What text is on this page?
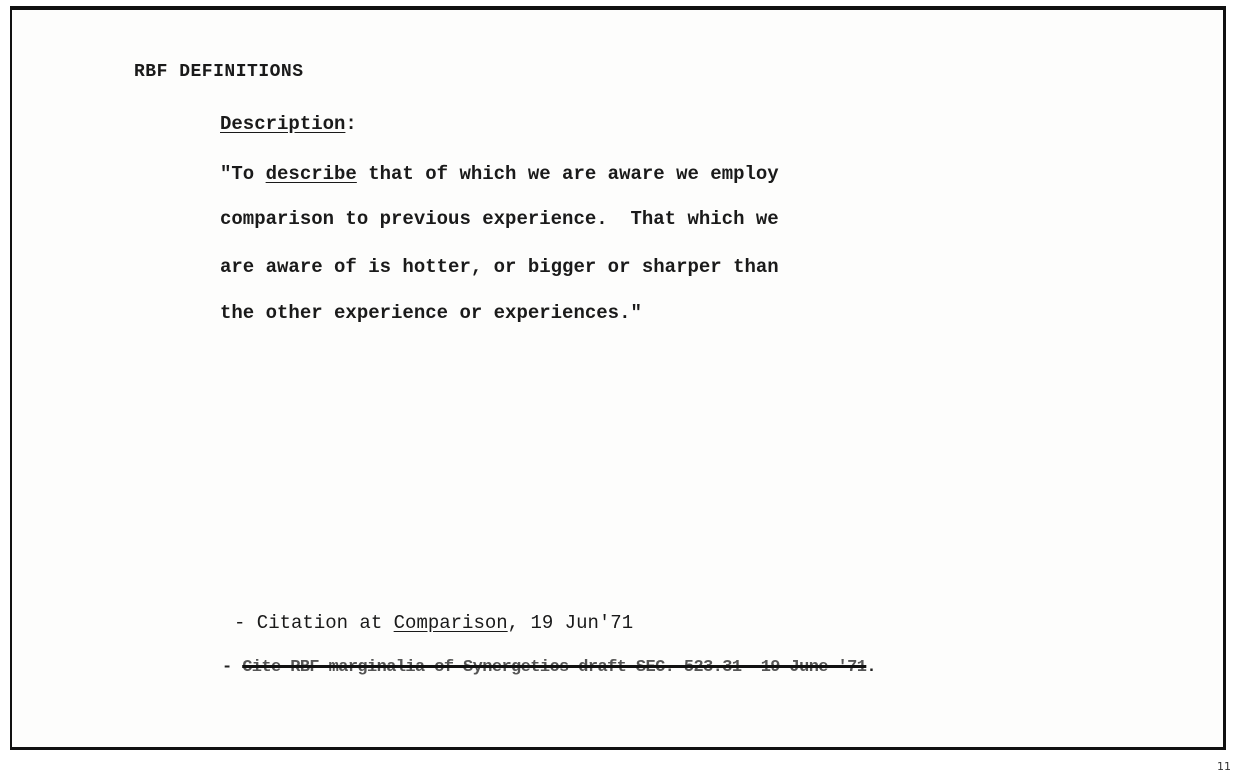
RBF DEFINITIONS
Description:
"To describe that of which we are aware we employ
comparison to previous experience.  That which we
are aware of is hotter, or bigger or sharper than
the other experience or experiences."
- Citation at Comparison, 19 Jun'71
- Cite RBF marginalia of Synergetics draft SEC. 523.31  19 June '71.
11
